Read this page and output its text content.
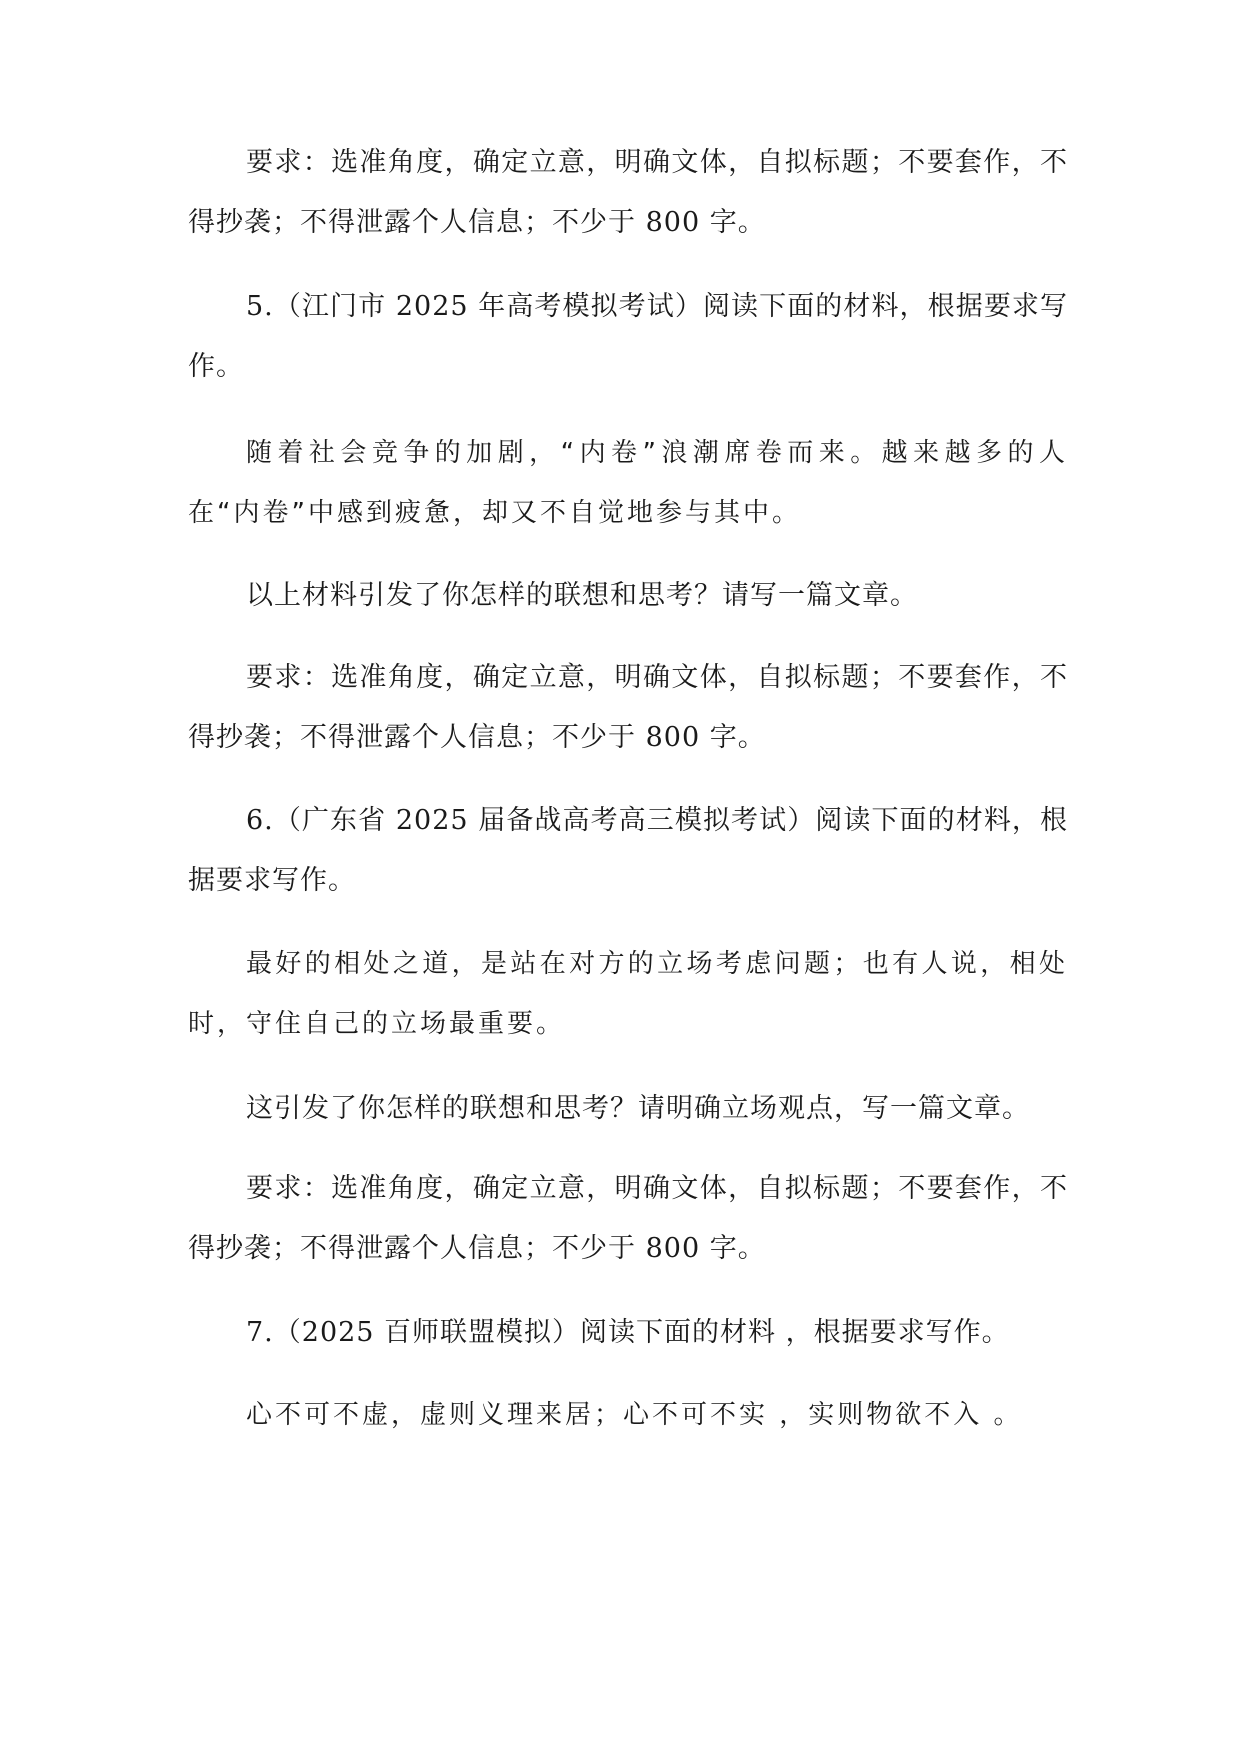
要求：选准角度，确定立意，明确文体，自拟标题；不要套作，不得抄袭；不得泄露个人信息；不少于 800 字。

5.（江门市 2025 年高考模拟考试）阅读下面的材料，根据要求写作。

随着社会竞争的加剧，“内卷”浪潮席卷而来。越来越多的人在“内卷”中感到疲惫，却又不自觉地参与其中。

以上材料引发了你怎样的联想和思考？请写一篇文章。

要求：选准角度，确定立意，明确文体，自拟标题；不要套作，不得抄袭；不得泄露个人信息；不少于 800 字。

6.（广东省 2025 届备战高考高三模拟考试）阅读下面的材料，根据要求写作。

最好的相处之道，是站在对方的立场考虑问题；也有人说，相处时，守住自己的立场最重要。

这引发了你怎样的联想和思考？请明确立场观点，写一篇文章。

要求：选准角度，确定立意，明确文体，自拟标题；不要套作，不得抄袭；不得泄露个人信息；不少于 800 字。

7.（2025 百师联盟模拟）阅读下面的材料 ，根据要求写作。

心不可不虚，虚则义理来居；心不可不实 ，实则物欲不入 。
